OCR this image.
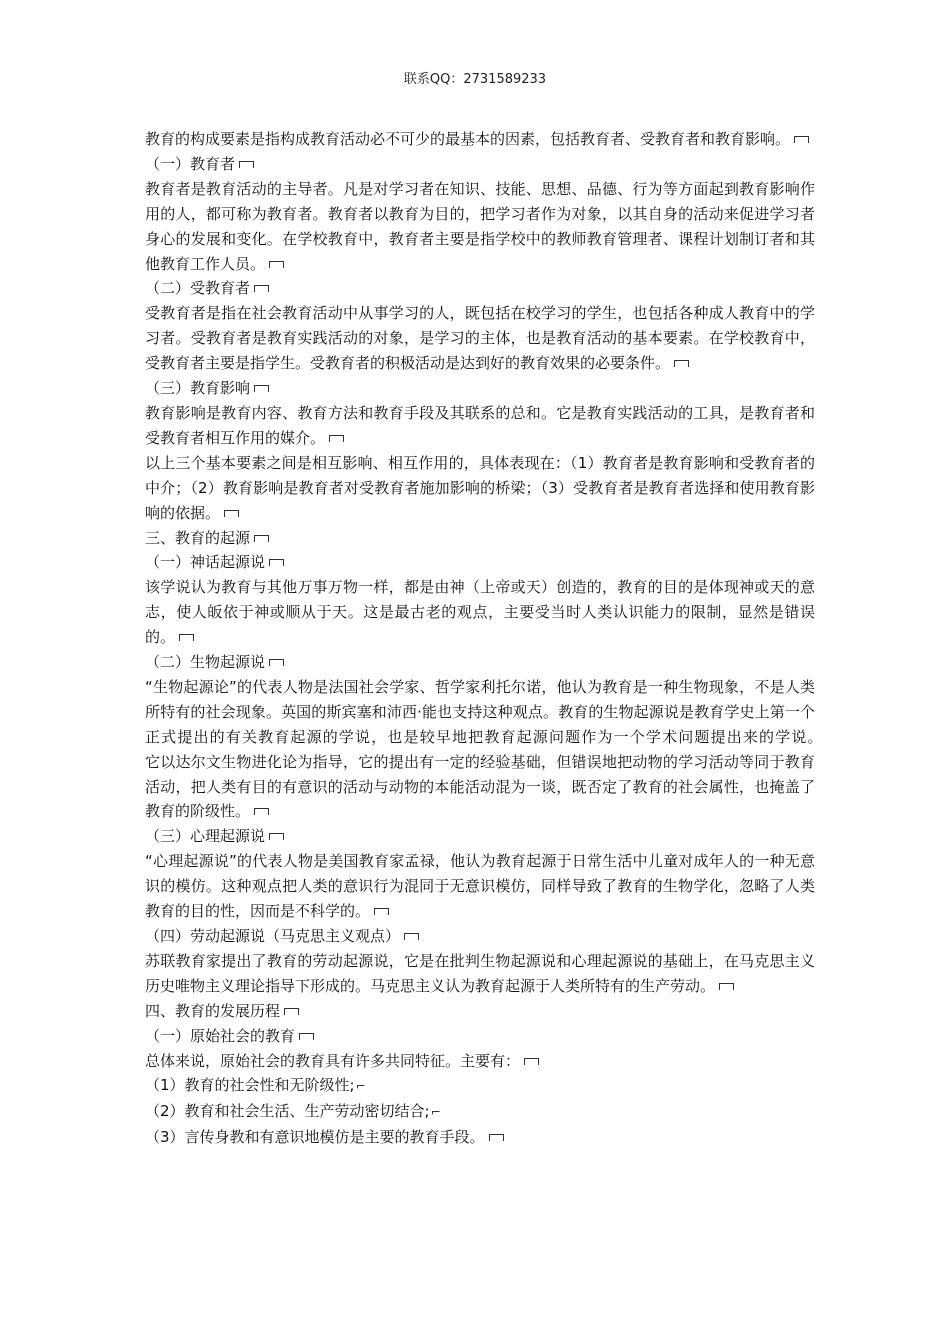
联系QQ：2731589233

教育的构成要素是指构成教育活动必不可少的最基本的因素，包括教育者、受教育者和教育影响。

（一）教育者

教育者是教育活动的主导者。凡是对学习者在知识、技能、思想、品德、行为等方面起到教育影响作用的人，都可称为教育者。教育者以教育为目的，把学习者作为对象，以其自身的活动来促进学习者身心的发展和变化。在学校教育中，教育者主要是指学校中的教师教育管理者、课程计划制订者和其他教育工作人员。

（二）受教育者

受教育者是指在社会教育活动中从事学习的人，既包括在校学习的学生，也包括各种成人教育中的学习者。受教育者是教育实践活动的对象，是学习的主体，也是教育活动的基本要素。在学校教育中，受教育者主要是指学生。受教育者的积极活动是达到好的教育效果的必要条件。

（三）教育影响

教育影响是教育内容、教育方法和教育手段及其联系的总和。它是教育实践活动的工具，是教育者和受教育者相互作用的媒介。

以上三个基本要素之间是相互影响、相互作用的，具体表现在：（1）教育者是教育影响和受教育者的中介；（2）教育影响是教育者对受教育者施加影响的桥梁；（3）受教育者是教育者选择和使用教育影响的依据。

三、教育的起源

（一）神话起源说

该学说认为教育与其他万事万物一样，都是由神（上帝或天）创造的，教育的目的是体现神或天的意志，使人皈依于神或顺从于天。这是最古老的观点，主要受当时人类认识能力的限制，显然是错误的。

（二）生物起源说

“生物起源论”的代表人物是法国社会学家、哲学家利托尔诺，他认为教育是一种生物现象，不是人类所特有的社会现象。英国的斯宾塞和沛西·能也支持这种观点。教育的生物起源说是教育学史上第一个正式提出的有关教育起源的学说，也是较早地把教育起源问题作为一个学术问题提出来的学说。　　　　　　　　　它以达尔文生物进化论为指导，它的提出有一定的经验基础，但错误地把动物的学习活动等同于教育活动，把人类有目的有意识的活动与动物的本能活动混为一谈，既否定了教育的社会属性，也掩盖了教育的阶级性。

（三）心理起源说

“心理起源说”的代表人物是美国教育家孟禄，他认为教育起源于日常生活中儿童对成年人的一种无意识的模仿。这种观点把人类的意识行为混同于无意识模仿，同样导致了教育的生物学化，忽略了人类教育的目的性，因而是不科学的。

（四）劳动起源说（马克思主义观点）

苏联教育家提出了教育的劳动起源说，它是在批判生物起源说和心理起源说的基础上，在马克思主义历史唯物主义理论指导下形成的。马克思主义认为教育起源于人类所特有的生产劳动。

四、教育的发展历程

（一）原始社会的教育

总体来说，原始社会的教育具有许多共同特征。主要有：

（1）教育的社会性和无阶级性;⌐

（2）教育和社会生活、生产劳动密切结合;⌐

（3）言传身教和有意识地模仿是主要的教育手段。
